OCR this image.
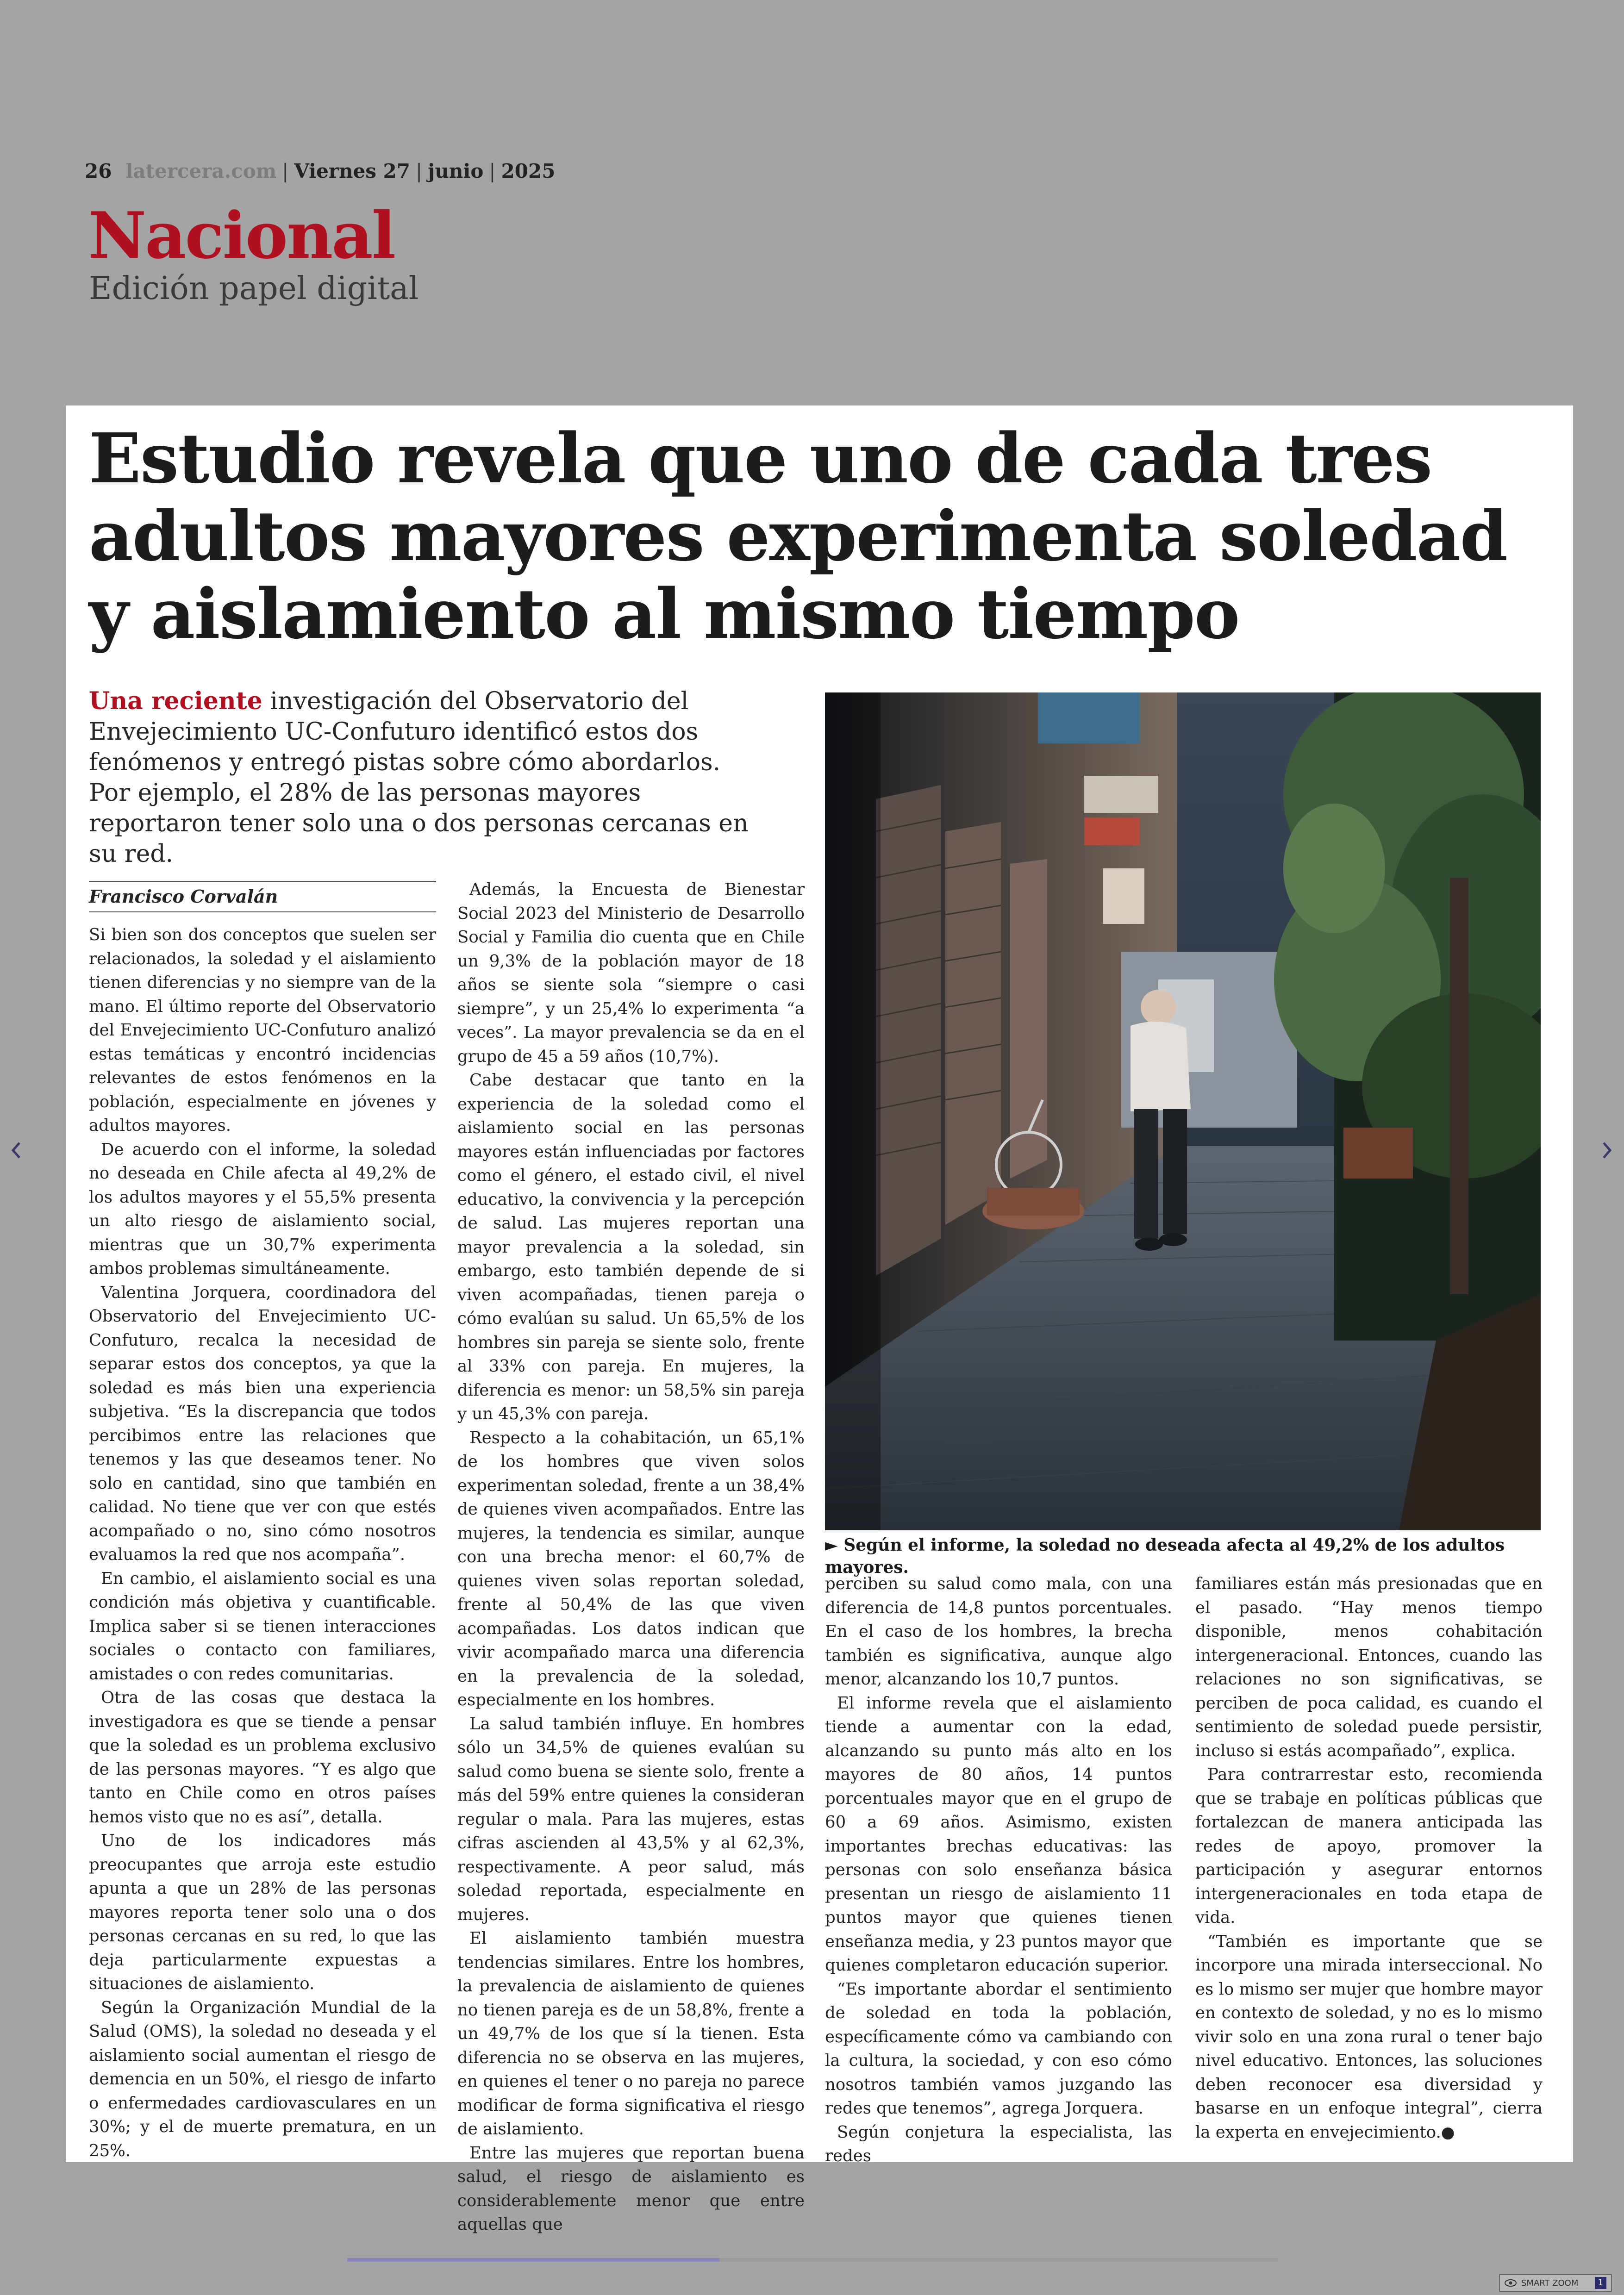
26 latercera.com | Viernes 27 | junio | 2025
Nacional
Edición papel digital
Estudio revela que uno de cada tres
adultos mayores experimenta soledad
y aislamiento al mismo tiempo
Una reciente investigación del Observatorio del Envejecimiento UC-Confuturo identificó estos dos fenómenos y entregó pistas sobre cómo abordarlos. Por ejemplo, el 28% de las personas mayores reportaron tener solo una o dos personas cercanas en su red.
Francisco Corvalán

Si bien son dos conceptos que suelen ser relacionados, la soledad y el aislamiento tienen diferencias y no siempre van de la mano. El último reporte del Observatorio del Envejecimiento UC-Confuturo analizó estas temáticas y encontró incidencias relevantes de estos fenómenos en la población, especialmente en jóvenes y adultos mayores.

De acuerdo con el informe, la soledad no deseada en Chile afecta al 49,2% de los adultos mayores y el 55,5% presenta un alto riesgo de aislamiento social, mientras que un 30,7% experimenta ambos problemas simultáneamente.

Valentina Jorquera, coordinadora del Observatorio del Envejecimiento UC-Confuturo, recalca la necesidad de separar estos dos conceptos, ya que la soledad es más bien una experiencia subjetiva. “Es la discrepancia que todos percibimos entre las relaciones que tenemos y las que deseamos tener. No solo en cantidad, sino que también en calidad. No tiene que ver con que estés acompañado o no, sino cómo nosotros evaluamos la red que nos acompaña”.

En cambio, el aislamiento social es una condición más objetiva y cuantificable. Implica saber si se tienen interacciones sociales o contacto con familiares, amistades o con redes comunitarias.

Otra de las cosas que destaca la investigadora es que se tiende a pensar que la soledad es un problema exclusivo de las personas mayores. “Y es algo que tanto en Chile como en otros países hemos visto que no es así”, detalla.

Uno de los indicadores más preocupantes que arroja este estudio apunta a que un 28% de las personas mayores reporta tener solo una o dos personas cercanas en su red, lo que las deja particularmente expuestas a situaciones de aislamiento.

Según la Organización Mundial de la Salud (OMS), la soledad no deseada y el aislamiento social aumentan el riesgo de demencia en un 50%, el riesgo de infarto o enfermedades cardiovasculares en un 30%; y el de muerte prematura, en un 25%.

Además, la Encuesta de Bienestar Social 2023 del Ministerio de Desarrollo Social y Familia dio cuenta que en Chile un 9,3% de la población mayor de 18 años se siente sola “siempre o casi siempre”, y un 25,4% lo experimenta “a veces”. La mayor prevalencia se da en el grupo de 45 a 59 años (10,7%).

Cabe destacar que tanto en la experiencia de la soledad como el aislamiento social en las personas mayores están influenciadas por factores como el género, el estado civil, el nivel educativo, la convivencia y la percepción de salud. Las mujeres reportan una mayor prevalencia a la soledad, sin embargo, esto también depende de si viven acompañadas, tienen pareja o cómo evalúan su salud. Un 65,5% de los hombres sin pareja se siente solo, frente al 33% con pareja. En mujeres, la diferencia es menor: un 58,5% sin pareja y un 45,3% con pareja.

Respecto a la cohabitación, un 65,1% de los hombres que viven solos experimentan soledad, frente a un 38,4% de quienes viven acompañados. Entre las mujeres, la tendencia es similar, aunque con una brecha menor: el 60,7% de quienes viven solas reportan soledad, frente al 50,4% de las que viven acompañadas. Los datos indican que vivir acompañado marca una diferencia en la prevalencia de la soledad, especialmente en los hombres.

La salud también influye. En hombres sólo un 34,5% de quienes evalúan su salud como buena se siente solo, frente a más del 59% entre quienes la consideran regular o mala. Para las mujeres, estas cifras ascienden al 43,5% y al 62,3%, respectivamente. A peor salud, más soledad reportada, especialmente en mujeres.

El aislamiento también muestra tendencias similares. Entre los hombres, la prevalencia de aislamiento de quienes no tienen pareja es de un 58,8%, frente a un 49,7% de los que sí la tienen. Esta diferencia no se observa en las mujeres, en quienes el tener o no pareja no parece modificar de forma significativa el riesgo de aislamiento.

Entre las mujeres que reportan buena salud, el riesgo de aislamiento es considerablemente menor que entre aquellas que

► Según el informe, la soledad no deseada afecta al 49,2% de los adultos mayores.

perciben su salud como mala, con una diferencia de 14,8 puntos porcentuales. En el caso de los hombres, la brecha también es significativa, aunque algo menor, alcanzando los 10,7 puntos.

El informe revela que el aislamiento tiende a aumentar con la edad, alcanzando su punto más alto en los mayores de 80 años, 14 puntos porcentuales mayor que en el grupo de 60 a 69 años. Asimismo, existen importantes brechas educativas: las personas con solo enseñanza básica presentan un riesgo de aislamiento 11 puntos mayor que quienes tienen enseñanza media, y 23 puntos mayor que quienes completaron educación superior.

“Es importante abordar el sentimiento de soledad en toda la población, específicamente cómo va cambiando con la cultura, la sociedad, y con eso cómo nosotros también vamos juzgando las redes que tenemos”, agrega Jorquera.

Según conjetura la especialista, las redes

familiares están más presionadas que en el pasado. “Hay menos tiempo disponible, menos cohabitación intergeneracional. Entonces, cuando las relaciones no son significativas, se perciben de poca calidad, es cuando el sentimiento de soledad puede persistir, incluso si estás acompañado”, explica.

Para contrarrestar esto, recomienda que se trabaje en políticas públicas que fortalezcan de manera anticipada las redes de apoyo, promover la participación y asegurar entornos intergeneracionales en toda etapa de vida.

“También es importante que se incorpore una mirada interseccional. No es lo mismo ser mujer que hombre mayor en contexto de soledad, y no es lo mismo vivir solo en una zona rural o tener bajo nivel educativo. Entonces, las soluciones deben reconocer esa diversidad y basarse en un enfoque integral”, cierra la experta en envejecimiento.●

SMART ZOOM	1
